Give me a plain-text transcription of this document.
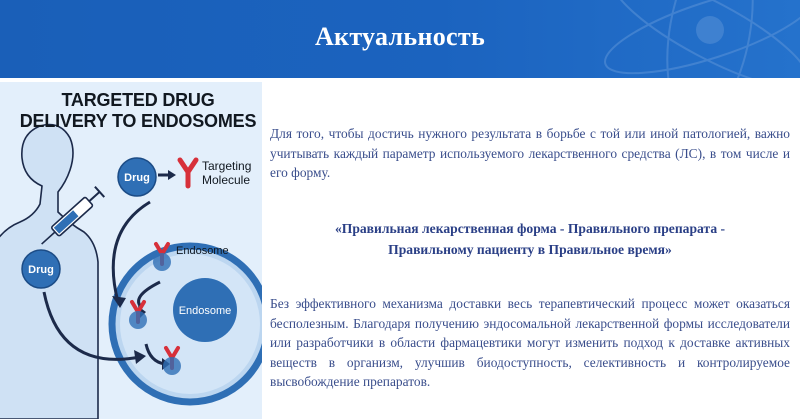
Актуальность
Drug
Drug
Targeting
Molecule
Endosome
Endosome
TARGETED DRUG
DELIVERY TO ENDOSOMES

Для того, чтобы достичь нужного результата в борьбе с той или иной патологией, важно учитывать каждый параметр используемого лекарственного средства (ЛС), в том числе и его форму.

«Правильная лекарственная форма - Правильного препарата -
Правильному пациенту в Правильное время»

Без эффективного механизма доставки весь терапевтический процесс может оказаться бесполезным. Благодаря получению эндосомальной лекарственной формы исследователи или разработчики в области фармацевтики могут изменить подход к доставке активных веществ в организм, улучшив биодоступность, селективность и контролируемое высвобождение препаратов.
